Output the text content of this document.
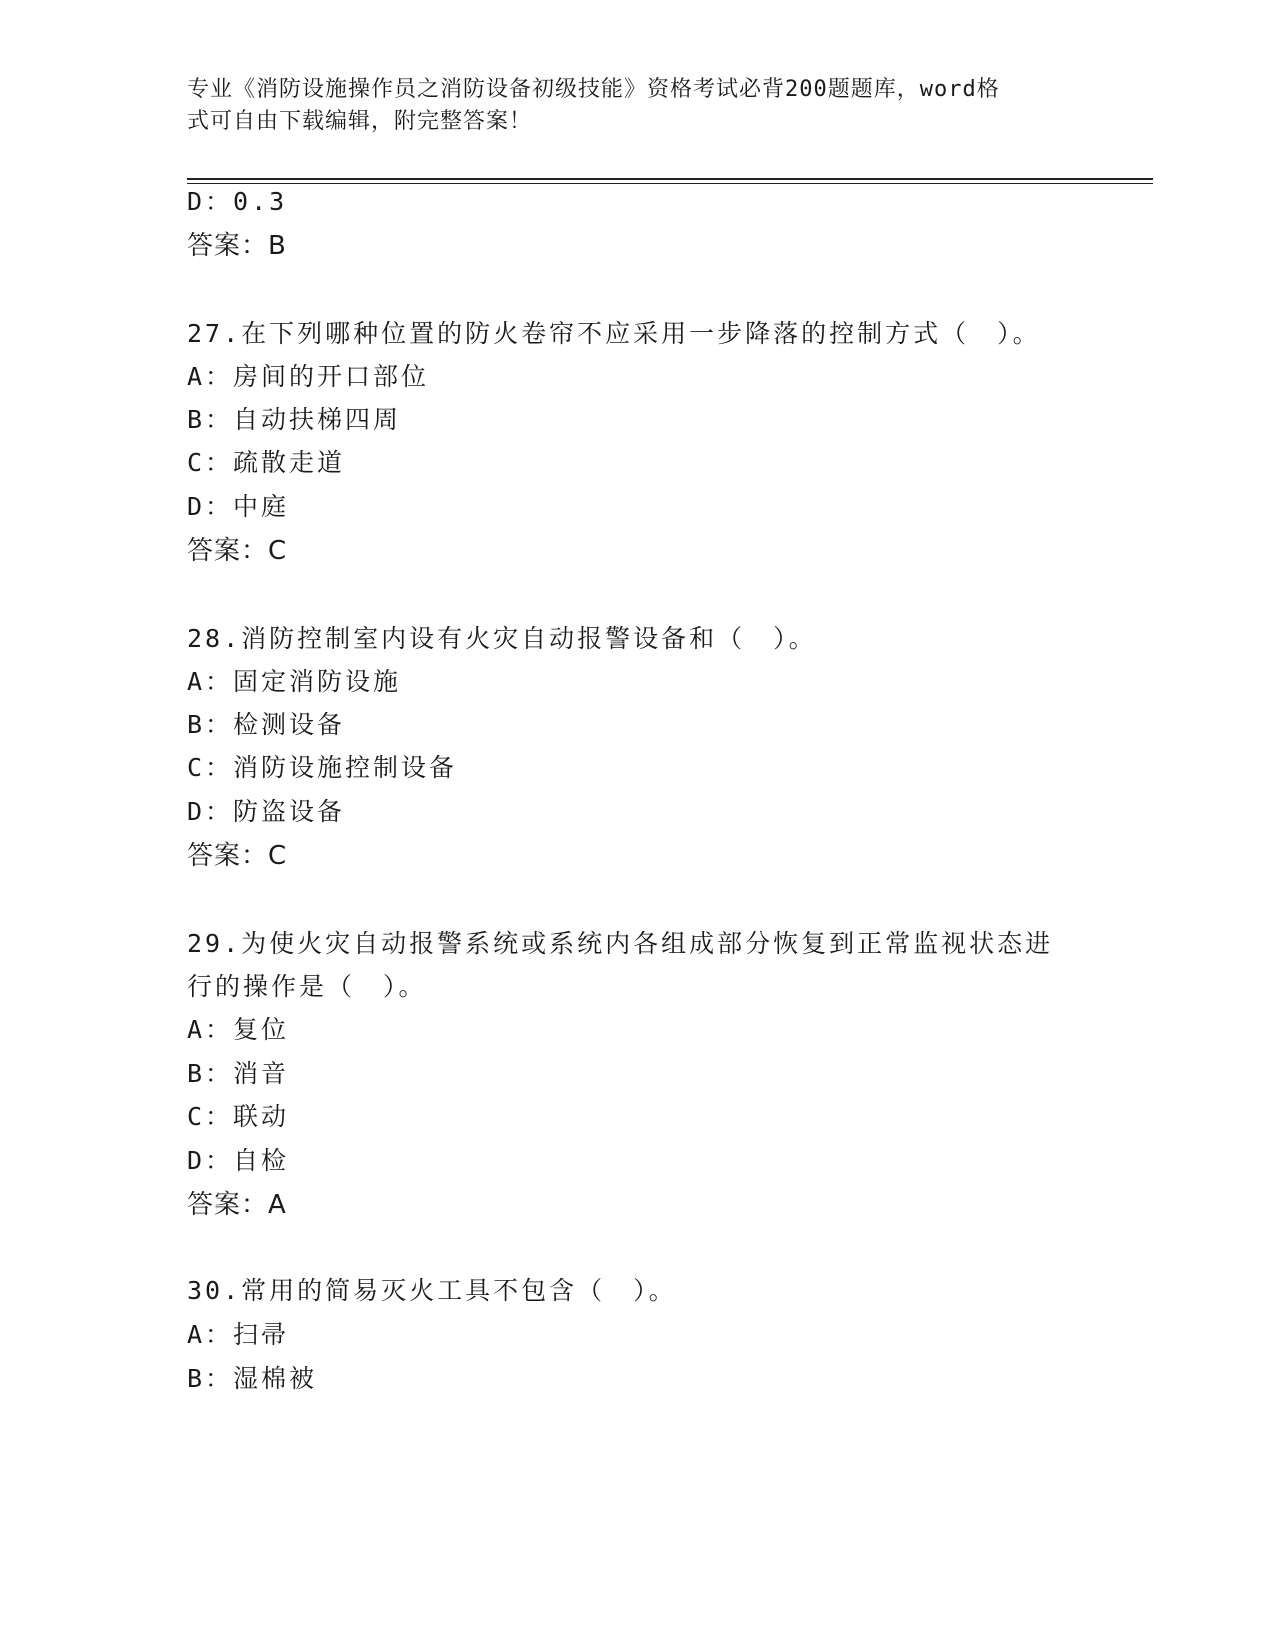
专业《消防设施操作员之消防设备初级技能》资格考试必背200题题库，word格
式可自由下载编辑，附完整答案！
D：0.3
答案：B
27.在下列哪种位置的防火卷帘不应采用一步降落的控制方式（　）。
A：房间的开口部位
B：自动扶梯四周
C：疏散走道
D：中庭
答案：C
28.消防控制室内设有火灾自动报警设备和（　）。
A：固定消防设施
B：检测设备
C：消防设施控制设备
D：防盗设备
答案：C
29.为使火灾自动报警系统或系统内各组成部分恢复到正常监视状态进
行的操作是（　）。
A：复位
B：消音
C：联动
D：自检
答案：A
30.常用的简易灭火工具不包含（　）。
A：扫帚
B：湿棉被
